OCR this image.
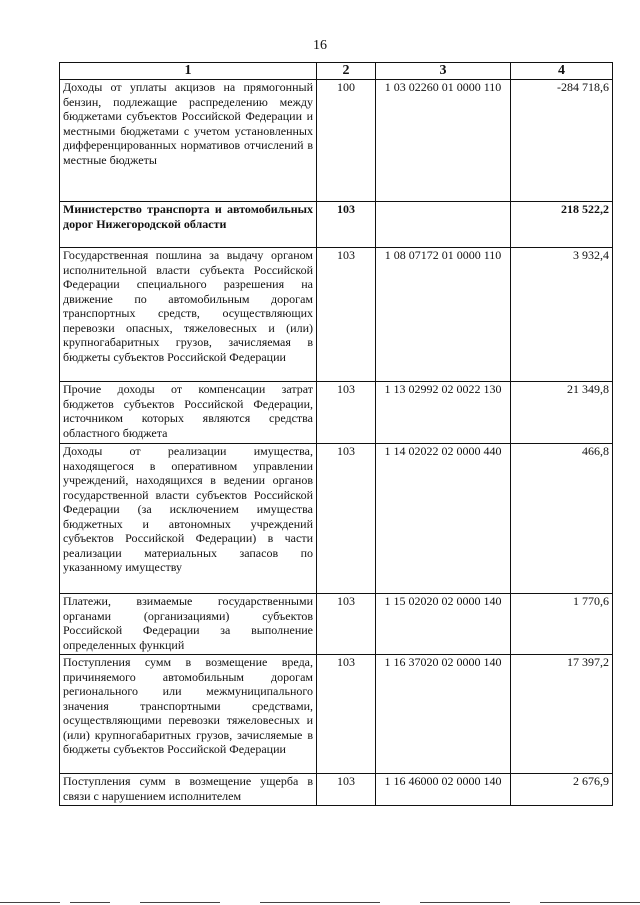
16
1	2	3	4
Доходы от уплаты акцизов на прямогонный бензин, подлежащие распределению между бюджетами субъектов Российской Федерации и местными бюджетами с учетом установленных дифференцированных нормативов отчислений в местные бюджеты	100	1 03 02260 01 0000 110	-284 718,6
Министерство транспорта и автомобильных дорог Нижегородской области	103		218 522,2
Государственная пошлина за выдачу органом исполнительной власти субъекта Российской Федерации специального разрешения на движение по автомобильным дорогам транспортных средств, осуществляющих перевозки опасных, тяжеловесных и (или) крупногабаритных грузов, зачисляемая в бюджеты субъектов Российской Федерации	103	1 08 07172 01 0000 110	3 932,4
Прочие доходы от компенсации затрат бюджетов субъектов Российской Федерации, источником которых являются средства областного бюджета	103	1 13 02992 02 0022 130	21 349,8
Доходы от реализации имущества, находящегося в оперативном управлении учреждений, находящихся в ведении органов государственной власти субъектов Российской Федерации (за исключением имущества бюджетных и автономных учреждений субъектов Российской Федерации) в части реализации материальных запасов по указанному имуществу	103	1 14 02022 02 0000 440	466,8
Платежи, взимаемые государственными органами (организациями) субъектов Российской Федерации за выполнение определенных функций	103	1 15 02020 02 0000 140	1 770,6
Поступления сумм в возмещение вреда, причиняемого автомобильным дорогам регионального или межмуниципального значения транспортными средствами, осуществляющими перевозки тяжеловесных и (или) крупногабаритных грузов, зачисляемые в бюджеты субъектов Российской Федерации	103	1 16 37020 02 0000 140	17 397,2
Поступления сумм в возмещение ущерба в связи с нарушением исполнителем	103	1 16 46000 02 0000 140	2 676,9
